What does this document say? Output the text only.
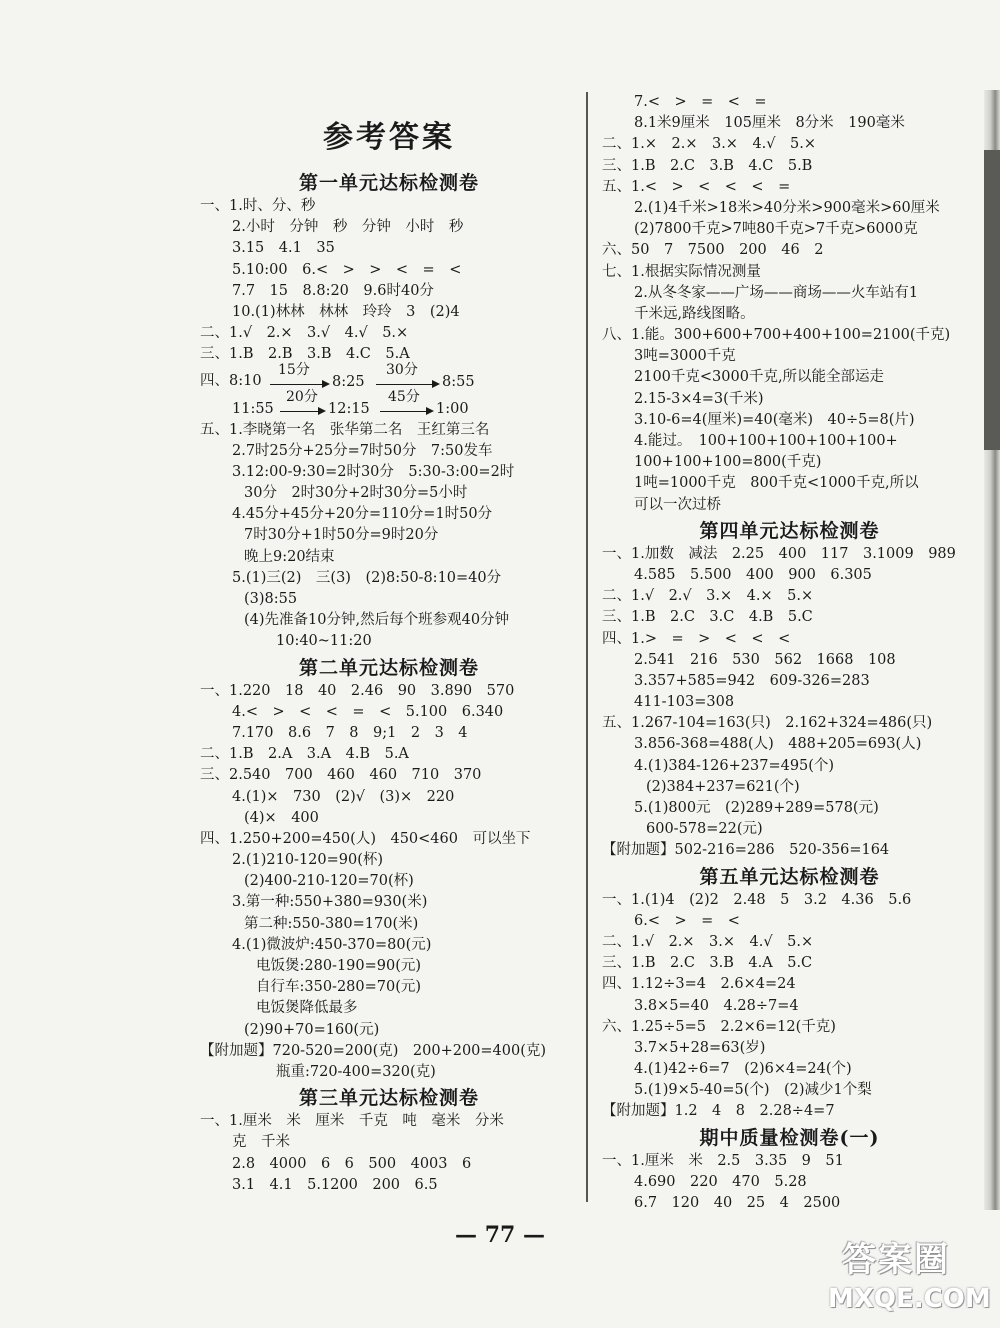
参考答案
第一单元达标检测卷
一、1.时、分、秒
2.小时　分钟　秒　分钟　小时　秒
3.15　4.1　35
5.10:00　6.<　>　>　<　=　<
7.7　15　8.8:20　9.6时40分
10.(1)林林　林林　玲玲　3　(2)4
二、1.√　2.×　3.√　4.√　5.×
三、1.B　2.B　3.B　4.C　5.A
四、8:10
15分
8:25
30分
8:55
11:55
20分
12:15
45分
1:00
五、1.李晓第一名　张华第二名　王红第三名
2.7时25分+25分=7时50分　7:50发车
3.12:00-9:30=2时30分　5:30-3:00=2时
30分　2时30分+2时30分=5小时
4.45分+45分+20分=110分=1时50分
7时30分+1时50分=9时20分
晚上9:20结束
5.(1)三(2)　三(3)　(2)8:50-8:10=40分
(3)8:55
(4)先准备10分钟,然后每个班参观40分钟
10:40~11:20
第二单元达标检测卷
一、1.220　18　40　2.46　90　3.890　570
4.<　>　<　<　=　<　5.100　6.340
7.170　8.6　7　8　9;1　2　3　4
二、1.B　2.A　3.A　4.B　5.A
三、2.540　700　460　460　710　370
4.(1)×　730　(2)√　(3)×　220
(4)×　400
四、1.250+200=450(人)　450<460　可以坐下
2.(1)210-120=90(杯)
(2)400-210-120=70(杯)
3.第一种:550+380=930(米)
第二种:550-380=170(米)
4.(1)微波炉:450-370=80(元)
电饭煲:280-190=90(元)
自行车:350-280=70(元)
电饭煲降低最多
(2)90+70=160(元)
【附加题】720-520=200(克)　200+200=400(克)
瓶重:720-400=320(克)
第三单元达标检测卷
一、1.厘米　米　厘米　千克　吨　毫米　分米
克　千米
2.8　4000　6　6　500　4003　6
3.1　4.1　5.1200　200　6.5
7.<　>　=　<　=
8.1米9厘米　105厘米　8分米　190毫米
二、1.×　2.×　3.×　4.√　5.×
三、1.B　2.C　3.B　4.C　5.B
五、1.<　>　<　<　<　=
2.(1)4千米>18米>40分米>900毫米>60厘米
(2)7800千克>7吨80千克>7千克>6000克
六、50　7　7500　200　46　2
七、1.根据实际情况测量
2.从冬冬家——广场——商场——火车站有1
千米远,路线图略。
八、1.能。300+600+700+400+100=2100(千克)
3吨=3000千克
2100千克<3000千克,所以能全部运走
2.15-3×4=3(千米)
3.10-6=4(厘米)=40(毫米)　40÷5=8(片)
4.能过。　100+100+100+100+100+
100+100+100=800(千克)
1吨=1000千克　800千克<1000千克,所以
可以一次过桥
第四单元达标检测卷
一、1.加数　减法　2.25　400　117　3.1009　989
4.585　5.500　400　900　6.305
二、1.√　2.√　3.×　4.×　5.×
三、1.B　2.C　3.C　4.B　5.C
四、1.>　=　>　<　<　<
2.541　216　530　562　1668　108
3.357+585=942　609-326=283
411-103=308
五、1.267-104=163(只)　2.162+324=486(只)
3.856-368=488(人)　488+205=693(人)
4.(1)384-126+237=495(个)
(2)384+237=621(个)
5.(1)800元　(2)289+289=578(元)
600-578=22(元)
【附加题】502-216=286　520-356=164
第五单元达标检测卷
一、1.(1)4　(2)2　2.48　5　3.2　4.36　5.6
6.<　>　=　<
二、1.√　2.×　3.×　4.√　5.×
三、1.B　2.C　3.B　4.A　5.C
四、1.12÷3=4　2.6×4=24
3.8×5=40　4.28÷7=4
六、1.25÷5=5　2.2×6=12(千克)
3.7×5+28=63(岁)
4.(1)42÷6=7　(2)6×4=24(个)
5.(1)9×5-40=5(个)　(2)减少1个梨
【附加题】1.2　4　8　2.28÷4=7
期中质量检测卷(一)
一、1.厘米　米　2.5　3.35　9　51
4.690　220　470　5.28
6.7　120　40　25　4　2500
— 77 —
答案圈
MXQE.COM
